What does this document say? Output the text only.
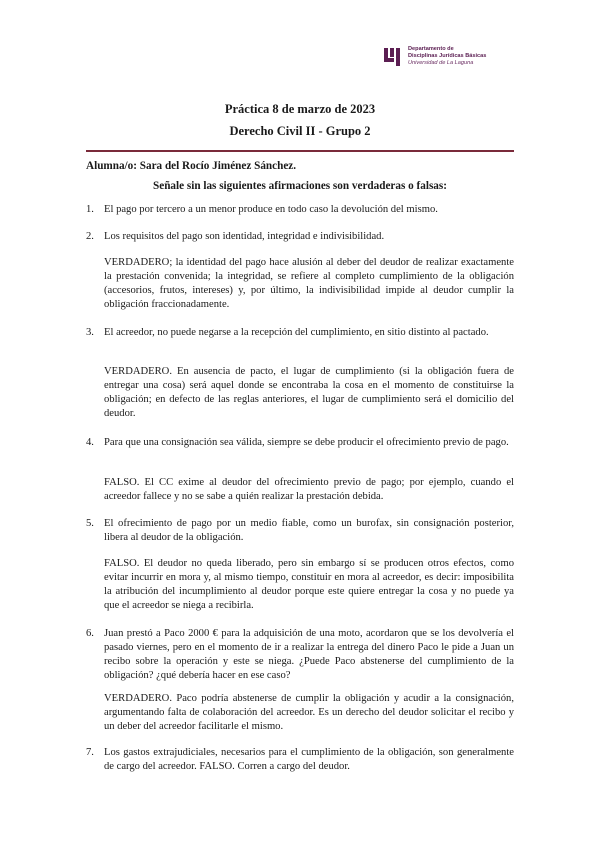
Departamento de
Disciplinas Jurídicas Básicas
Universidad de La Laguna
Práctica 8 de marzo de 2023
Derecho Civil II - Grupo 2
Alumna/o: Sara del Rocío Jiménez Sánchez.
Señale sin las siguientes afirmaciones son verdaderas o falsas:
1. El pago por tercero a un menor produce en todo caso la devolución del mismo.
2. Los requisitos del pago son identidad, integridad e indivisibilidad.
VERDADERO; la identidad del pago hace alusión al deber del deudor de realizar exactamente la prestación convenida; la integridad, se refiere al completo cumplimiento de la obligación (accesorios, frutos, intereses) y, por último, la indivisibilidad impide al deudor cumplir la obligación fraccionadamente.
3. El acreedor, no puede negarse a la recepción del cumplimiento, en sitio distinto al pactado.
VERDADERO. En ausencia de pacto, el lugar de cumplimiento (si la obligación fuera de entregar una cosa) será aquel donde se encontraba la cosa en el momento de constituirse la obligación; en defecto de las reglas anteriores, el lugar de cumplimiento será el domicilio del deudor.
4. Para que una consignación sea válida, siempre se debe producir el ofrecimiento previo de pago.
FALSO. El CC exime al deudor del ofrecimiento previo de pago; por ejemplo, cuando el acreedor fallece y no se sabe a quién realizar la prestación debida.
5. El ofrecimiento de pago por un medio fiable, como un burofax, sin consignación posterior, libera al deudor de la obligación.
FALSO. El deudor no queda liberado, pero sin embargo sí se producen otros efectos, como evitar incurrir en mora y, al mismo tiempo, constituir en mora al acreedor, es decir: imposibilita la atribución del incumplimiento al deudor porque este quiere entregar la cosa y no puede ya que el acreedor se niega a recibirla.
6. Juan prestó a Paco 2000 € para la adquisición de una moto, acordaron que se los devolvería el pasado viernes, pero en el momento de ir a realizar la entrega del dinero Paco le pide a Juan un recibo sobre la operación y este se niega. ¿Puede Paco abstenerse del cumplimiento de la obligación? ¿qué debería hacer en ese caso?
VERDADERO. Paco podría abstenerse de cumplir la obligación y acudir a la consignación, argumentando falta de colaboración del acreedor. Es un derecho del deudor solicitar el recibo y un deber del acreedor facilitarle el mismo.
7. Los gastos extrajudiciales, necesarios para el cumplimiento de la obligación, son generalmente de cargo del acreedor. FALSO. Corren a cargo del deudor.
